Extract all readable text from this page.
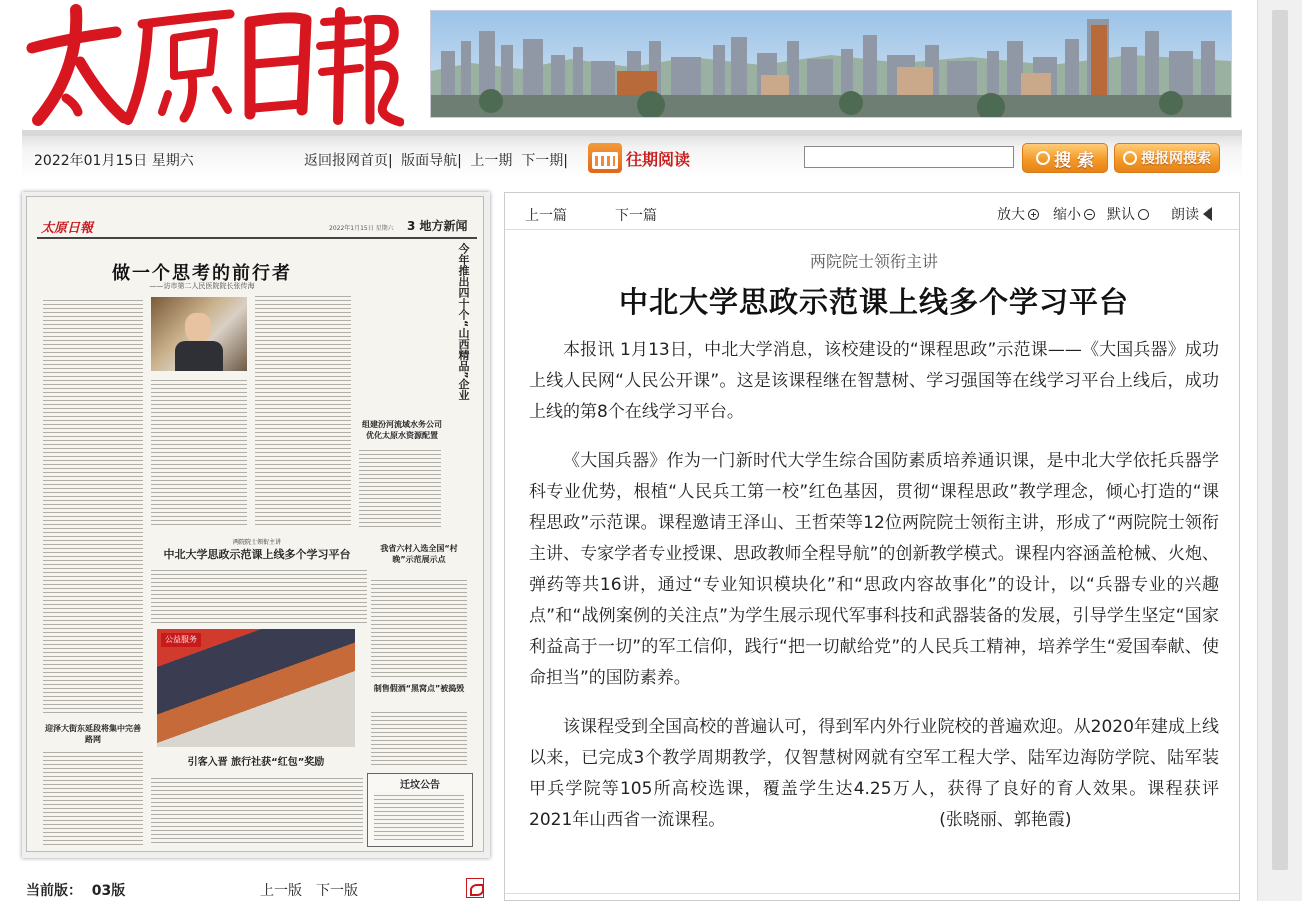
2022年01月15日 星期六	返回报网首页| 版面导航| 上一期 下一期|	往期阅读	搜 索	搜报网搜索
太原日報	2022年1月15日 星期六 3 地方新闻
做一个思考的前行者
——访市第二人民医院院长张传海	今年推出四十个“山西精品”企业
组建汾河流域水务公司 优化太原水资源配置
两院院士领衔主讲
中北大学思政示范课上线多个学习平台	我省六村入选全国“村晚”示范展示点
制售假酒“黑窝点”被捣毁
公益服务
引客入晋 旅行社获“红包”奖励
迎泽大街东延段将集中完善路网
迁坟公告
当前版： 03版	上一版 下一版
上一篇	下一篇	放大 缩小 默认	朗读
两院院士领衔主讲
中北大学思政示范课上线多个学习平台

本报讯 1月13日，中北大学消息，该校建设的“课程思政”示范课——《大国兵器》成功上线人民网“人民公开课”。这是该课程继在智慧树、学习强国等在线学习平台上线后，成功上线的第8个在线学习平台。

《大国兵器》作为一门新时代大学生综合国防素质培养通识课，是中北大学依托兵器学科专业优势，根植“人民兵工第一校”红色基因，贯彻“课程思政”教学理念，倾心打造的“课程思政”示范课。课程邀请王泽山、王哲荣等12位两院院士领衔主讲，形成了“两院院士领衔主讲、专家学者专业授课、思政教师全程导航”的创新教学模式。课程内容涵盖枪械、火炮、弹药等共16讲，通过“专业知识模块化”和“思政内容故事化”的设计，以“兵器专业的兴趣点”和“战例案例的关注点”为学生展示现代军事科技和武器装备的发展，引导学生坚定“国家利益高于一切”的军工信仰，践行“把一切献给党”的人民兵工精神，培养学生“爱国奉献、使命担当”的国防素养。

该课程受到全国高校的普遍认可，得到军内外行业院校的普遍欢迎。从2020年建成上线以来，已完成3个教学周期教学，仅智慧树网就有空军工程大学、陆军边海防学院、陆军装甲兵学院等105所高校选课，覆盖学生达4.25万人，获得了良好的育人效果。课程获评2021年山西省一流课程。	(张晓丽、郭艳霞)
